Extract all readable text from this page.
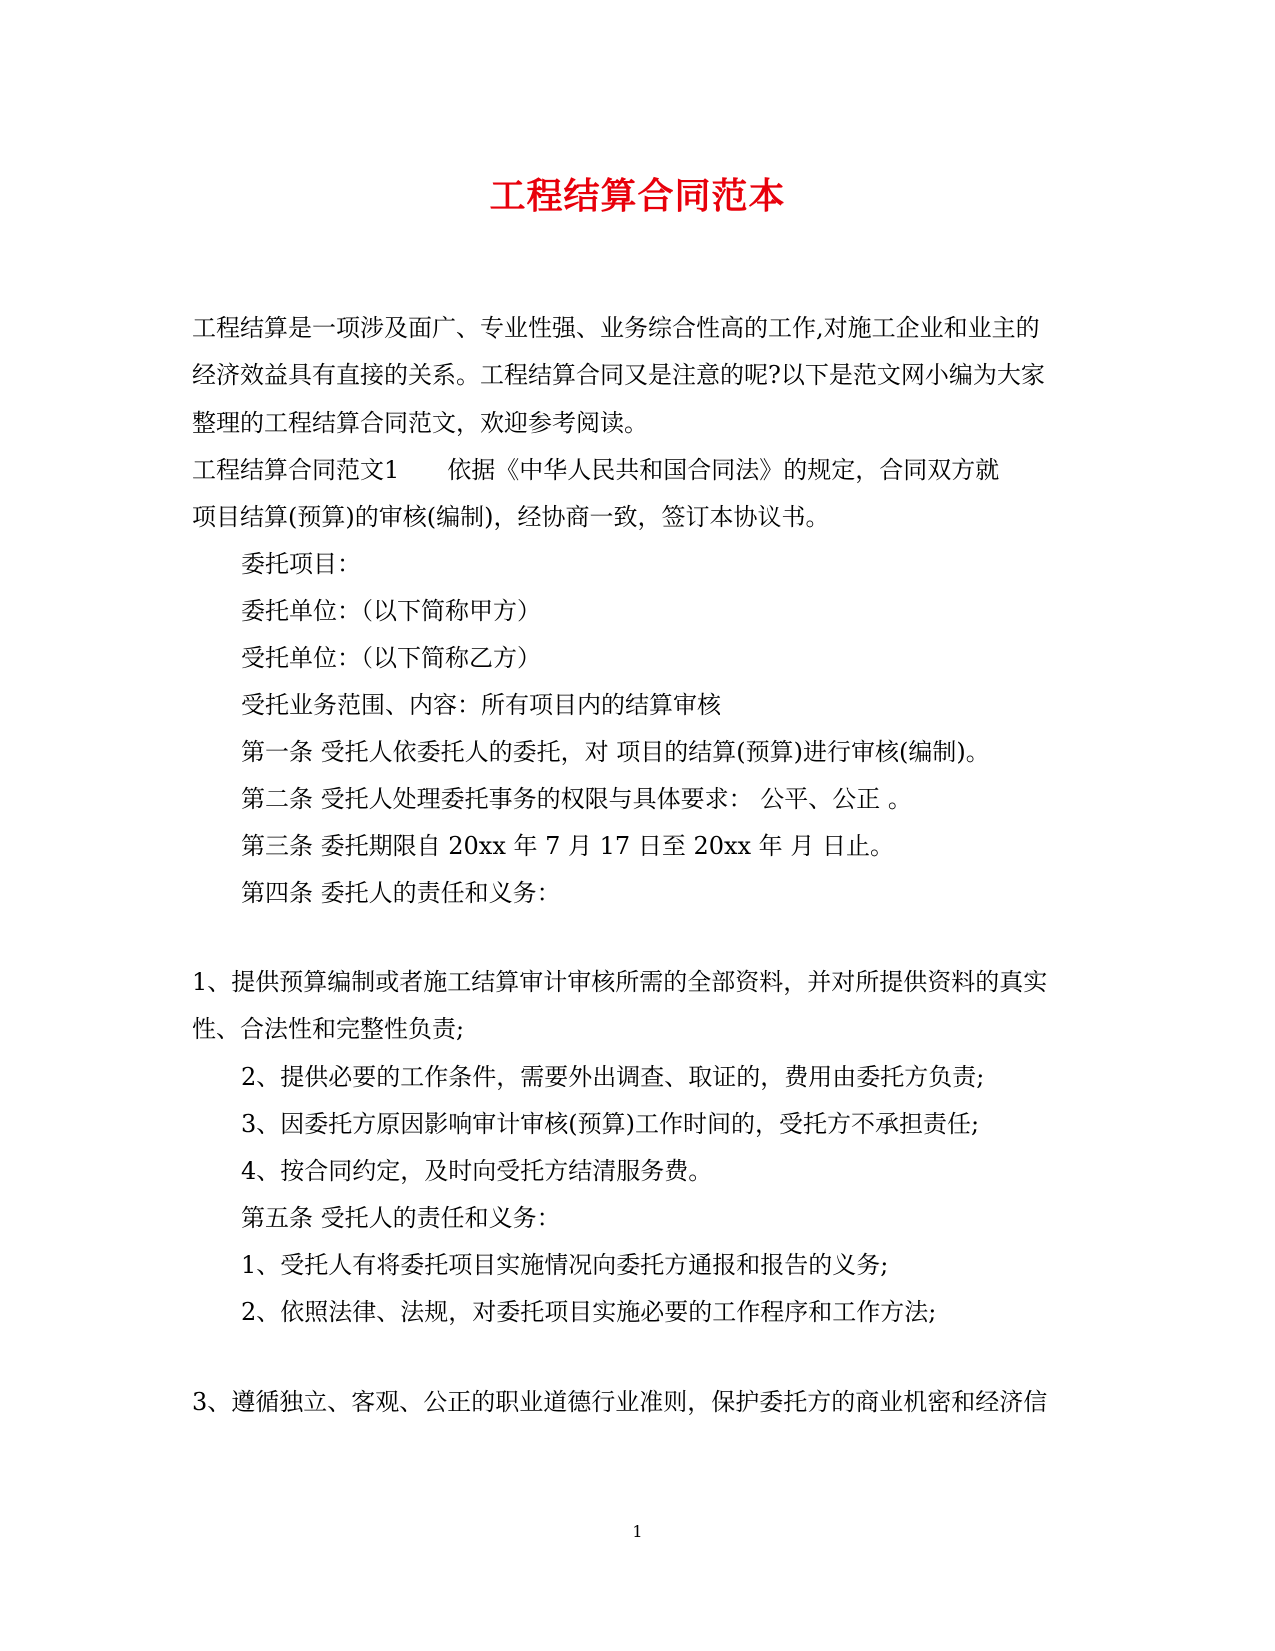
工程结算合同范本

工程结算是一项涉及面广、专业性强、业务综合性高的工作,对施工企业和业主的

经济效益具有直接的关系。工程结算合同又是注意的呢?以下是范文网小编为大家

整理的工程结算合同范文，欢迎参考阅读。

工程结算合同范文1　　依据《中华人民共和国合同法》的规定，合同双方就

项目结算(预算)的审核(编制)，经协商一致，签订本协议书。

委托项目：

委托单位：（以下简称甲方）

受托单位：（以下简称乙方）

受托业务范围、内容：所有项目内的结算审核

第一条 受托人依委托人的委托，对 项目的结算(预算)进行审核(编制)。

第二条 受托人处理委托事务的权限与具体要求： 公平、公正 。

第三条 委托期限自 20xx 年 7 月 17 日至 20xx 年 月 日止。

第四条 委托人的责任和义务：

1、提供预算编制或者施工结算审计审核所需的全部资料，并对所提供资料的真实

性、合法性和完整性负责;

2、提供必要的工作条件，需要外出调查、取证的，费用由委托方负责;

3、因委托方原因影响审计审核(预算)工作时间的，受托方不承担责任;

4、按合同约定，及时向受托方结清服务费。

第五条 受托人的责任和义务：

1、受托人有将委托项目实施情况向委托方通报和报告的义务;

2、依照法律、法规，对委托项目实施必要的工作程序和工作方法;

3、遵循独立、客观、公正的职业道德行业准则，保护委托方的商业机密和经济信

1
